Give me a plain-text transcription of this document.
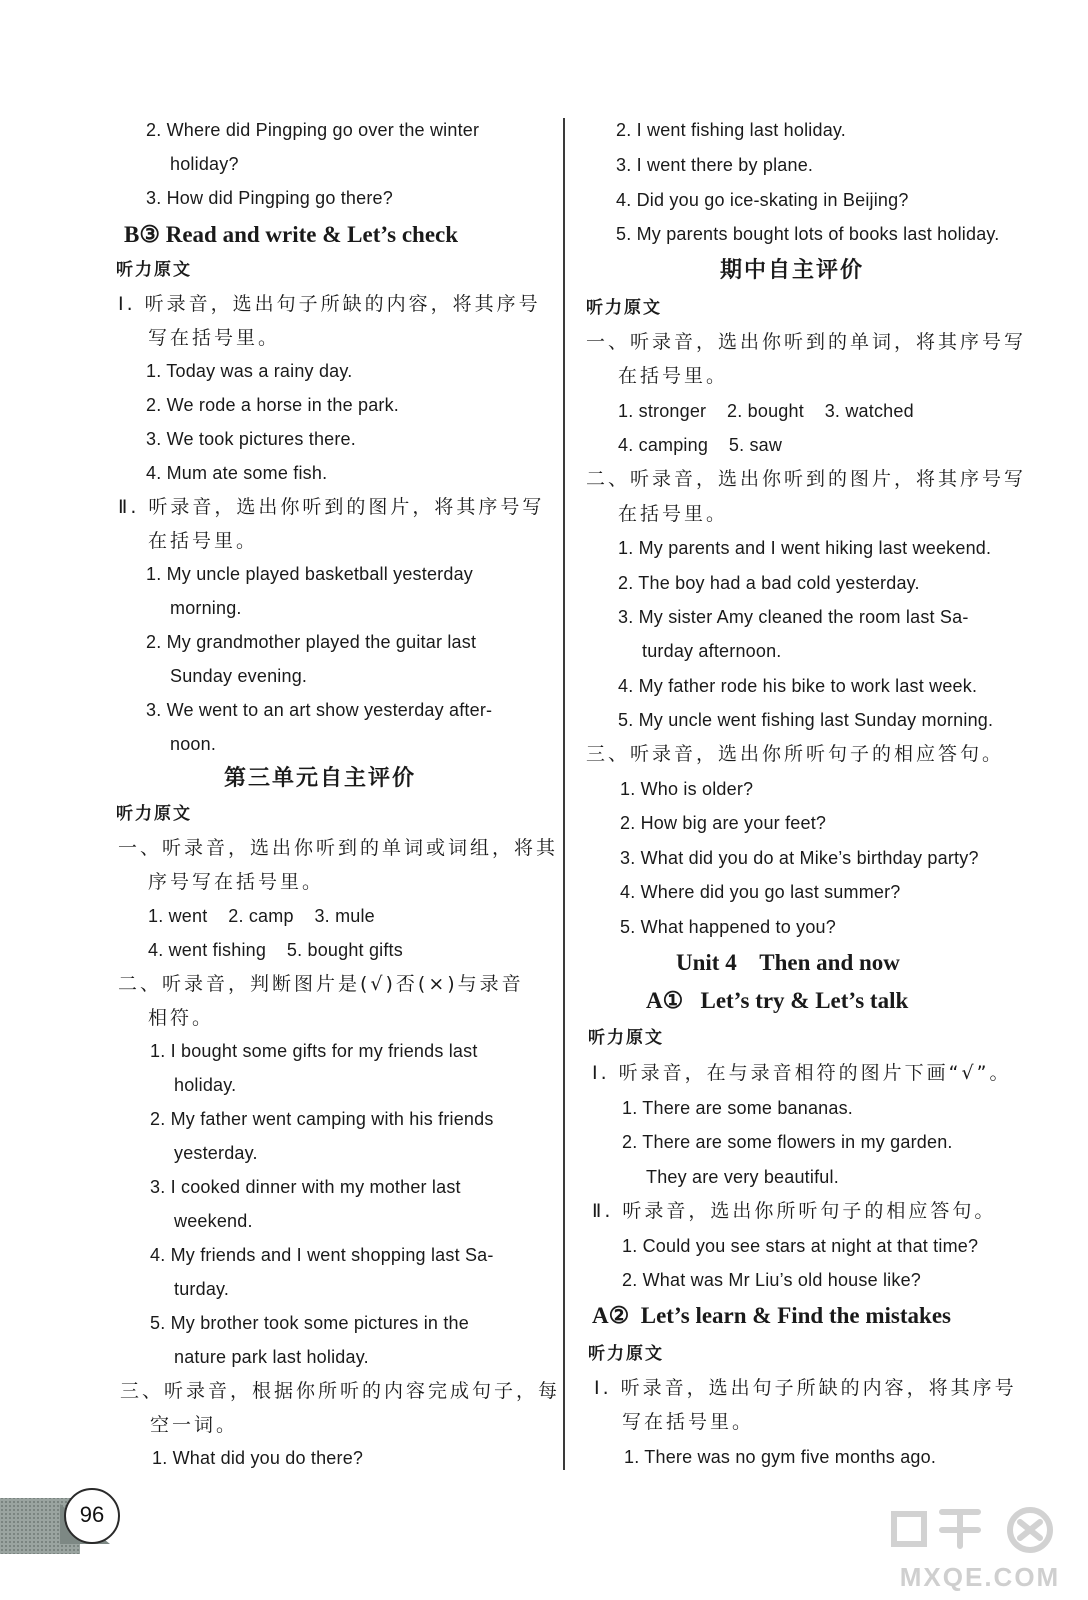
2. Where did Pingping go over the winter
holiday?
3. How did Pingping go there?
B③ Read and write & Let’s check
听力原文
Ⅰ. 听录音，选出句子所缺的内容，将其序号
写在括号里。
1. Today was a rainy day.
2. We rode a horse in the park.
3. We took pictures there.
4. Mum ate some fish.
Ⅱ. 听录音，选出你听到的图片，将其序号写
在括号里。
1. My uncle played basketball yesterday
morning.
2. My grandmother played the guitar last
Sunday evening.
3. We went to an art show yesterday after-
noon.
第三单元自主评价
听力原文
一、听录音，选出你听到的单词或词组，将其
序号写在括号里。
1. went    2. camp    3. mule
4. went fishing    5. bought gifts
二、听录音，判断图片是(√)否(×)与录音
相符。
1. I bought some gifts for my friends last
holiday.
2. My father went camping with his friends
yesterday.
3. I cooked dinner with my mother last
weekend.
4. My friends and I went shopping last Sa-
turday.
5. My brother took some pictures in the
nature park last holiday.
三、听录音，根据你所听的内容完成句子，每
空一词。
1. What did you do there?
2. I went fishing last holiday.
3. I went there by plane.
4. Did you go ice-skating in Beijing?
5. My parents bought lots of books last holiday.
期中自主评价
听力原文
一、听录音，选出你听到的单词，将其序号写
在括号里。
1. stronger    2. bought    3. watched
4. camping    5. saw
二、听录音，选出你听到的图片，将其序号写
在括号里。
1. My parents and I went hiking last weekend.
2. The boy had a bad cold yesterday.
3. My sister Amy cleaned the room last Sa-
turday afternoon.
4. My father rode his bike to work last week.
5. My uncle went fishing last Sunday morning.
三、听录音，选出你所听句子的相应答句。
1. Who is older?
2. How big are your feet?
3. What did you do at Mike’s birthday party?
4. Where did you go last summer?
5. What happened to you?
Unit 4    Then and now
A①   Let’s try & Let’s talk
听力原文
Ⅰ. 听录音，在与录音相符的图片下画“√”。
1. There are some bananas.
2. There are some flowers in my garden.
They are very beautiful.
Ⅱ. 听录音，选出你所听句子的相应答句。
1. Could you see stars at night at that time?
2. What was Mr Liu’s old house like?
A②  Let’s learn & Find the mistakes
听力原文
Ⅰ. 听录音，选出句子所缺的内容，将其序号
写在括号里。
1. There was no gym five months ago.
96
MXQE.COM
